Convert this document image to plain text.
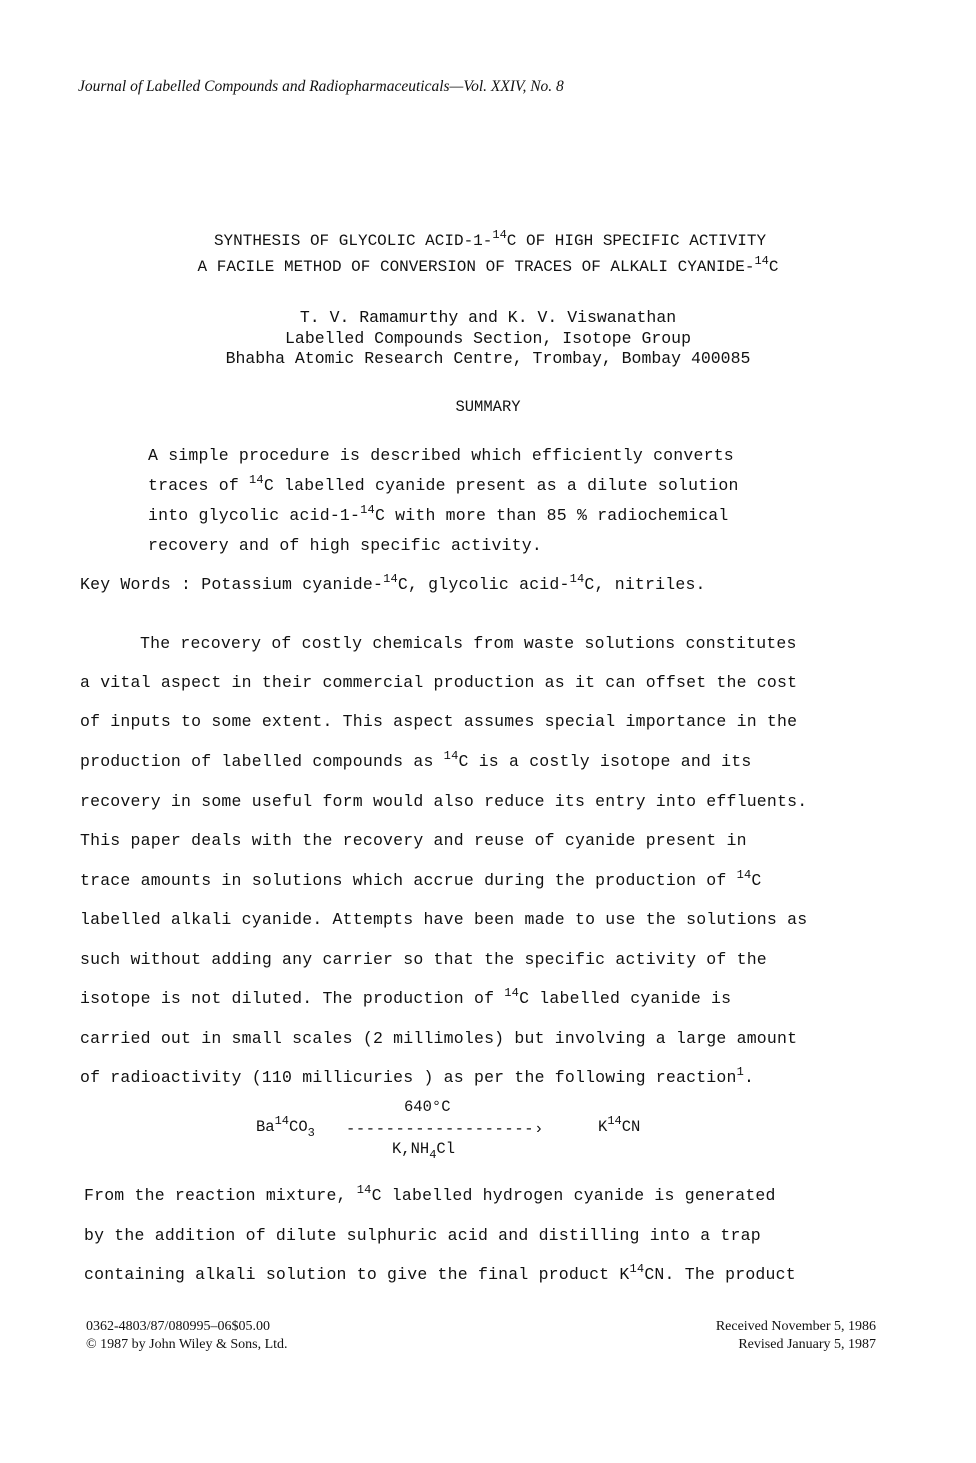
Journal of Labelled Compounds and Radiopharmaceuticals—Vol. XXIV, No. 8
SYNTHESIS OF GLYCOLIC ACID-1-$^{14}$C OF HIGH SPECIFIC ACTIVITY
A FACILE METHOD OF CONVERSION OF TRACES OF ALKALI CYANIDE-$^{14}$C
T. V. Ramamurthy and K. V. Viswanathan
Labelled Compounds Section, Isotope Group
Bhabha Atomic Research Centre, Trombay, Bombay 400085
SUMMARY
A simple procedure is described which efficiently converts
traces of $^{14}$C labelled cyanide present as a dilute solution
into glycolic acid-1-$^{14}$C with more than 85 % radiochemical
recovery and of high specific activity.
Key Words : Potassium cyanide-$^{14}$C, glycolic acid-$^{14}$C, nitriles.
The recovery of costly chemicals from waste solutions constitutes
a vital aspect in their commercial production as it can offset the cost
of inputs to some extent. This aspect assumes special importance in the
production of labelled compounds as $^{14}$C is a costly isotope and its
recovery in some useful form would also reduce its entry into effluents.
This paper deals with the recovery and reuse of cyanide present in
trace amounts in solutions which accrue during the production of $^{14}$C
labelled alkali cyanide. Attempts have been made to use the solutions as
such without adding any carrier so that the specific activity of the
isotope is not diluted. The production of $^{14}$C labelled cyanide is
carried out in small scales (2 millimoles) but involving a large amount
of radioactivity (110 millicuries ) as per the following reaction$^1$.
$Ba^{14}CO_3$
640°C
-------------------›
$K,NH_4Cl$
$K^{14}CN$
From the reaction mixture, $^{14}$C labelled hydrogen cyanide is generated
by the addition of dilute sulphuric acid and distilling into a trap
containing alkali solution to give the final product $K^{14}CN$. The product
0362-4803/87/080995–06$05.00
© 1987 by John Wiley & Sons, Ltd.
Received November 5, 1986
Revised January 5, 1987
